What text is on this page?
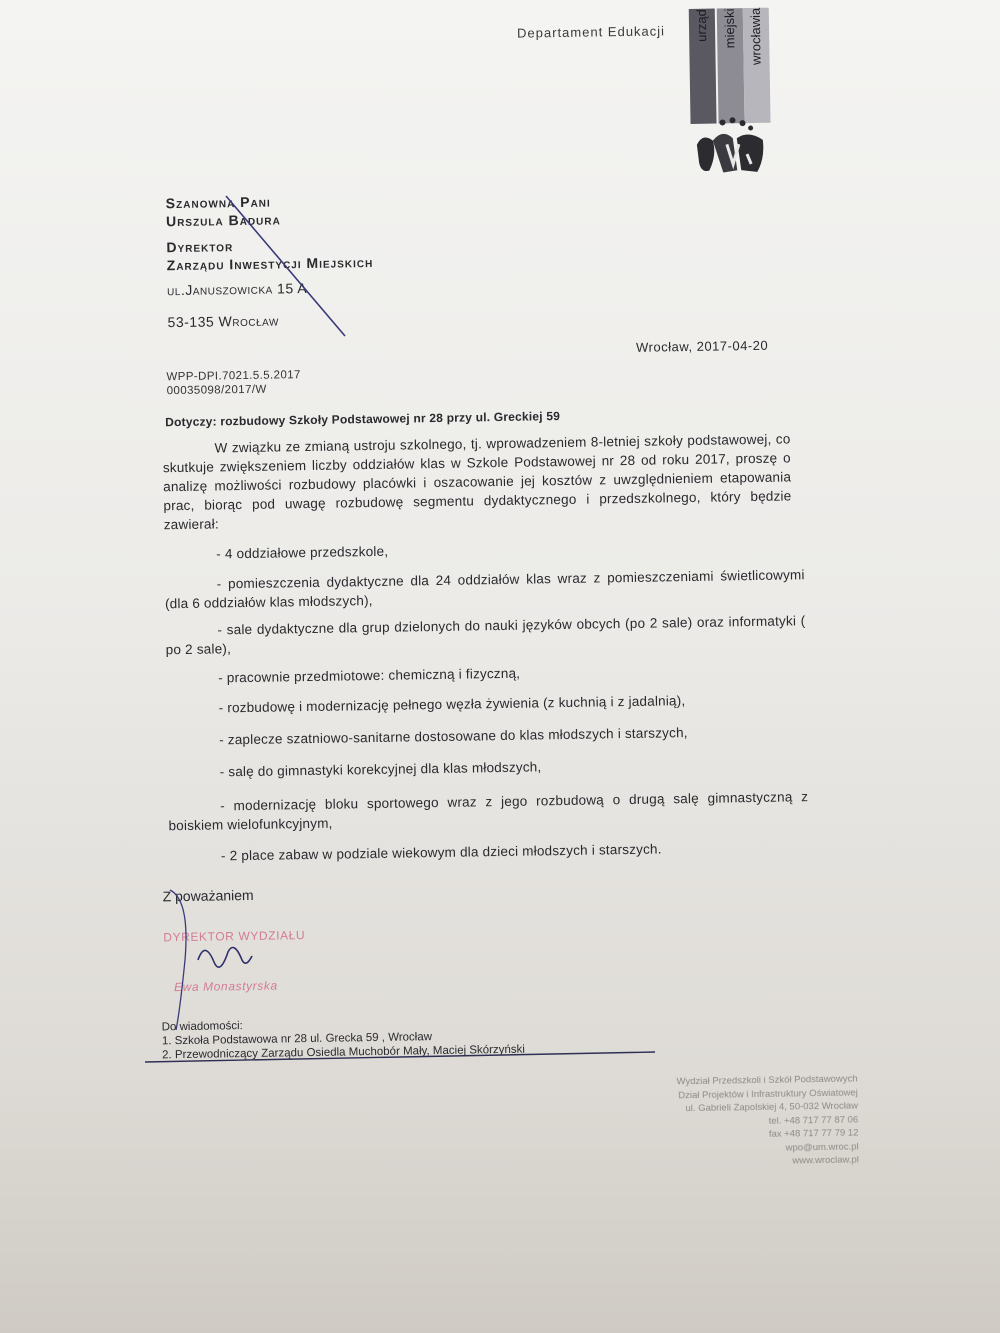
Departament Edukacji	urząd miejski wrocławia
Szanowna Pani
Urszula Badura
Dyrektor
Zarządu Inwestycji Miejskich
ul.Januszowicka 15 A
53-135 Wrocław
Wrocław, 2017-04-20
WPP-DPI.7021.5.5.2017
00035098/2017/W
Dotyczy: rozbudowy Szkoły Podstawowej nr 28 przy ul. Greckiej 59
W związku ze zmianą ustroju szkolnego, tj. wprowadzeniem 8-letniej szkoły podstawowej, co skutkuje zwiększeniem liczby oddziałów klas w Szkole Podstawowej nr 28 od roku 2017, proszę o analizę możliwości rozbudowy placówki i oszacowanie jej kosztów z uwzględnieniem etapowania prac, biorąc pod uwagę rozbudowę segmentu dydaktycznego i przedszkolnego, który będzie zawierał:
- 4 oddziałowe przedszkole,
- pomieszczenia dydaktyczne dla 24 oddziałów klas wraz z pomieszczeniami świetlicowymi (dla 6 oddziałów klas młodszych),
- sale dydaktyczne dla grup dzielonych do nauki języków obcych (po 2 sale) oraz informatyki ( po 2 sale),
- pracownie przedmiotowe: chemiczną i fizyczną,
- rozbudowę i modernizację pełnego węzła żywienia (z kuchnią i z jadalnią),
- zaplecze szatniowo-sanitarne dostosowane do klas młodszych i starszych,
- salę do gimnastyki korekcyjnej dla klas młodszych,
- modernizację bloku sportowego wraz z jego rozbudową o drugą salę gimnastyczną z boiskiem wielofunkcyjnym,
- 2 place zabaw w podziale wiekowym dla dzieci młodszych i starszych.
Z poważaniem
DYREKTOR WYDZIAŁU
Ewa Monastyrska
Do wiadomości:
1. Szkoła Podstawowa nr 28 ul. Grecka 59 , Wrocław
2. Przewodniczący Zarządu Osiedla Muchobór Mały, Maciej Skórzyński
Wydział Przedszkoli i Szkół Podstawowych
Dział Projektów i Infrastruktury Oświatowej
ul. Gabrieli Zapolskiej 4, 50-032 Wrocław
tel. +48 717 77 87 06
fax +48 717 77 79 12
wpo@um.wroc.pl
www.wroclaw.pl
